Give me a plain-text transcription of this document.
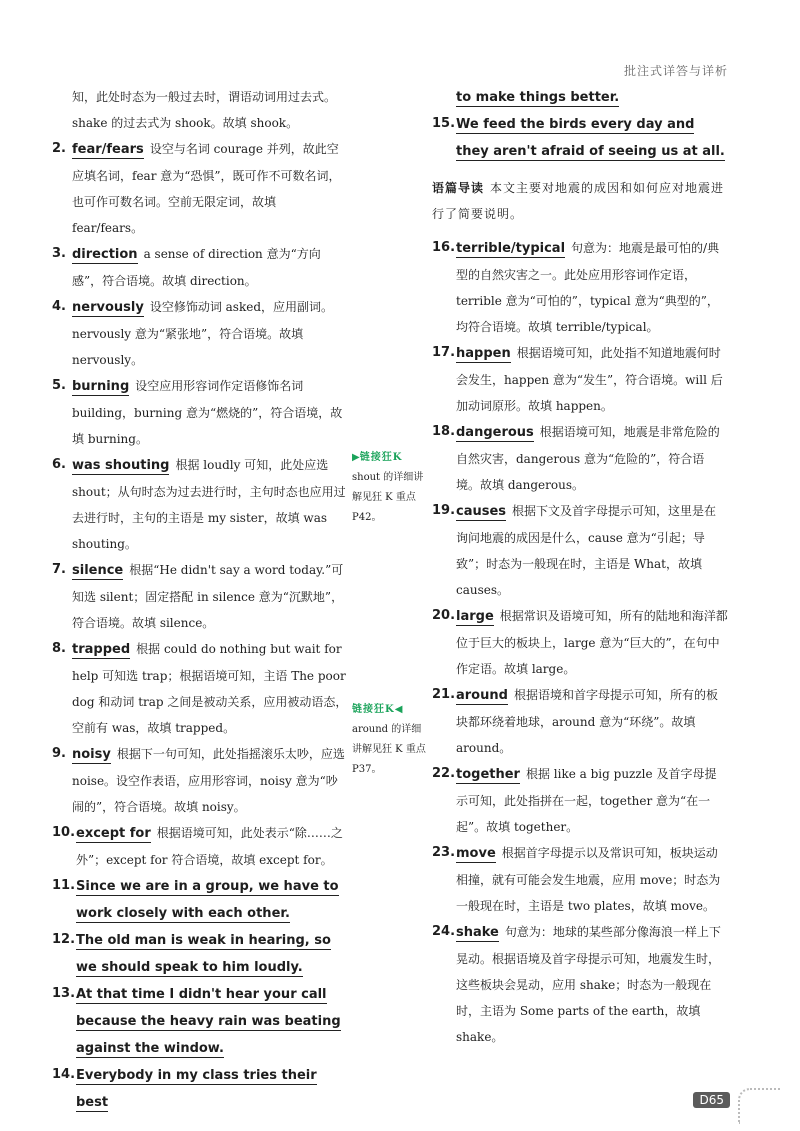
批注式详答与详析

知，此处时态为一般过去时，谓语动词用过去式。shake 的过去式为 shook。故填 shook。

2. fear/fears 设空与名词 courage 并列，故此空应填名词，fear 意为“恐惧”，既可作不可数名词，也可作可数名词。空前无限定词，故填 fear/fears。
3. direction a sense of direction 意为“方向感”，符合语境。故填 direction。
4. nervously 设空修饰动词 asked，应用副词。nervously 意为“紧张地”，符合语境。故填 nervously。
5. burning 设空应用形容词作定语修饰名词 building，burning 意为“燃烧的”，符合语境，故填 burning。
6. was shouting 根据 loudly 可知，此处应选 shout；从句时态为过去进行时，主句时态也应用过去进行时，主句的主语是 my sister，故填 was shouting。
7. silence 根据“He didn't say a word today.”可知选 silent；固定搭配 in silence 意为“沉默地”，符合语境。故填 silence。
8. trapped 根据 could do nothing but wait for help 可知选 trap；根据语境可知，主语 The poor dog 和动词 trap 之间是被动关系，应用被动语态，空前有 was，故填 trapped。
9. noisy 根据下一句可知，此处指摇滚乐太吵，应选 noise。设空作表语，应用形容词，noisy 意为“吵闹的”，符合语境。故填 noisy。
10. except for 根据语境可知，此处表示“除……之外”；except for 符合语境，故填 except for。
11. Since we are in a group, we have to work closely with each other.
12. The old man is weak in hearing, so we should speak to him loudly.
13. At that time I didn't hear your call because the heavy rain was beating against the window.
14. Everybody in my class tries their best
▶链接狂K
shout 的详细讲解见狂 K 重点 P42。
链接狂K◀
around 的详细讲解见狂 K 重点 P37。
to make things better.
15. We feed the birds every day and they aren't afraid of seeing us at all.

语篇导读 本文主要对地震的成因和如何应对地震进行了简要说明。

16. terrible/typical 句意为：地震是最可怕的/典型的自然灾害之一。此处应用形容词作定语，terrible 意为“可怕的”，typical 意为“典型的”，均符合语境。故填 terrible/typical。
17. happen 根据语境可知，此处指不知道地震何时会发生，happen 意为“发生”，符合语境。will 后加动词原形。故填 happen。
18. dangerous 根据语境可知，地震是非常危险的自然灾害，dangerous 意为“危险的”，符合语境。故填 dangerous。
19. causes 根据下文及首字母提示可知，这里是在询问地震的成因是什么，cause 意为“引起；导致”；时态为一般现在时，主语是 What，故填 causes。
20. large 根据常识及语境可知，所有的陆地和海洋都位于巨大的板块上，large 意为“巨大的”，在句中作定语。故填 large。
21. around 根据语境和首字母提示可知，所有的板块都环绕着地球，around 意为“环绕”。故填 around。
22. together 根据 like a big puzzle 及首字母提示可知，此处指拼在一起，together 意为“在一起”。故填 together。
23. move 根据首字母提示以及常识可知，板块运动相撞，就有可能会发生地震，应用 move；时态为一般现在时，主语是 two plates，故填 move。
24. shake 句意为：地球的某些部分像海浪一样上下晃动。根据语境及首字母提示可知，地震发生时，这些板块会晃动，应用 shake；时态为一般现在时，主语为 Some parts of the earth，故填 shake。
D65
